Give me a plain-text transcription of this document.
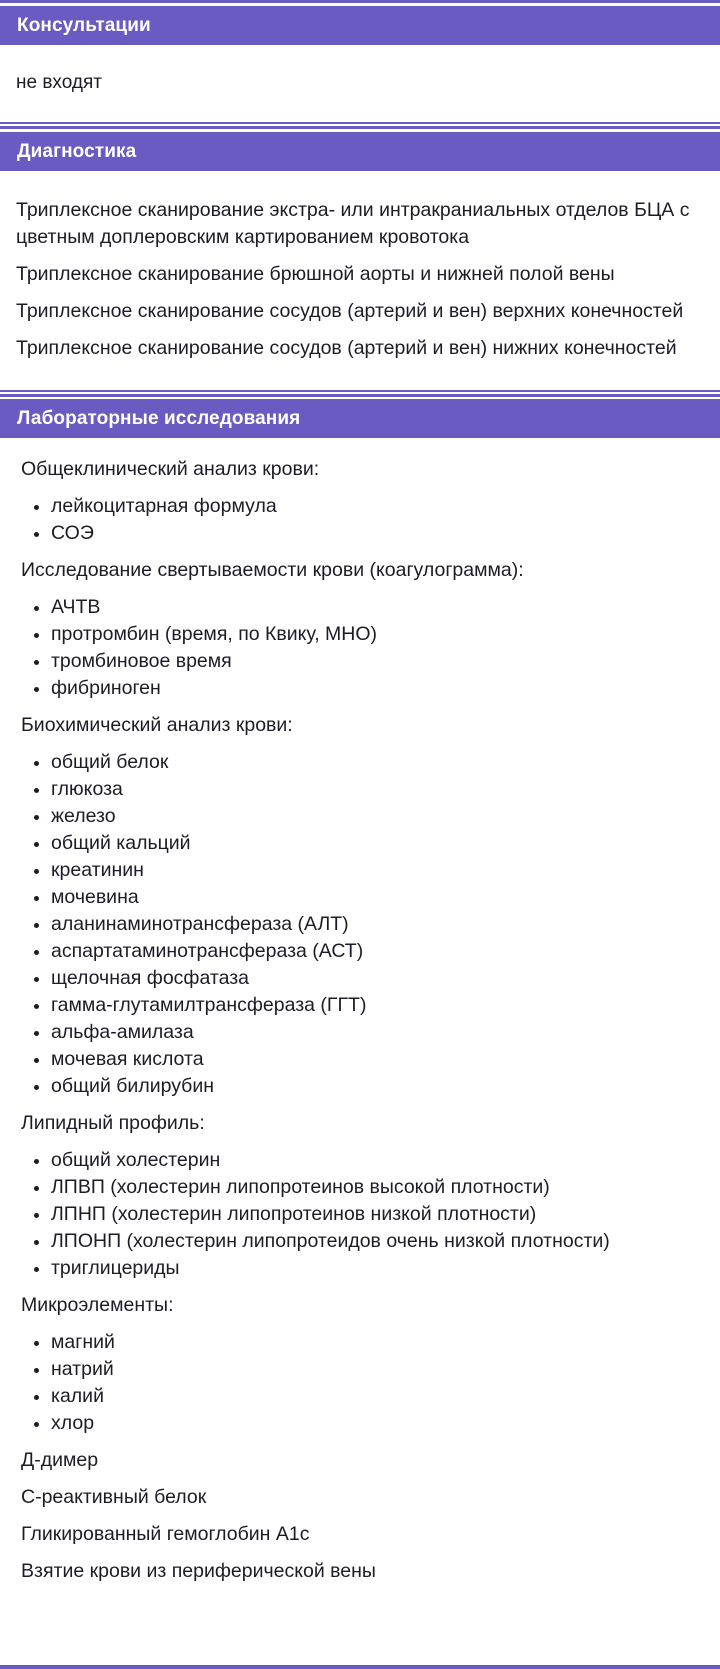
Консультации
не входят
Диагностика
Триплексное сканирование экстра- или интракраниальных отделов БЦА с цветным доплеровским картированием кровотока
Триплексное сканирование брюшной аорты и нижней полой вены
Триплексное сканирование сосудов (артерий и вен) верхних конечностей
Триплексное сканирование сосудов (артерий и вен) нижних конечностей
Лабораторные исследования
Общеклинический анализ крови:
лейкоцитарная формула
СОЭ
Исследование свертываемости крови (коагулограмма):
АЧТВ
протромбин (время, по Квику, МНО)
тромбиновое время
фибриноген
Биохимический анализ крови:
общий белок
глюкоза
железо
общий кальций
креатинин
мочевина
аланинаминотрансфераза (АЛТ)
аспартатаминотрансфераза (АСТ)
щелочная фосфатаза
гамма-глутамилтрансфераза (ГГТ)
альфа-амилаза
мочевая кислота
общий билирубин
Липидный профиль:
общий холестерин
ЛПВП (холестерин липопротеинов высокой плотности)
ЛПНП (холестерин липопротеинов низкой плотности)
ЛПОНП (холестерин липопротеидов очень низкой плотности)
триглицериды
Микроэлементы:
магний
натрий
калий
хлор
Д-димер
С-реактивный белок
Гликированный гемоглобин А1с
Взятие крови из периферической вены
